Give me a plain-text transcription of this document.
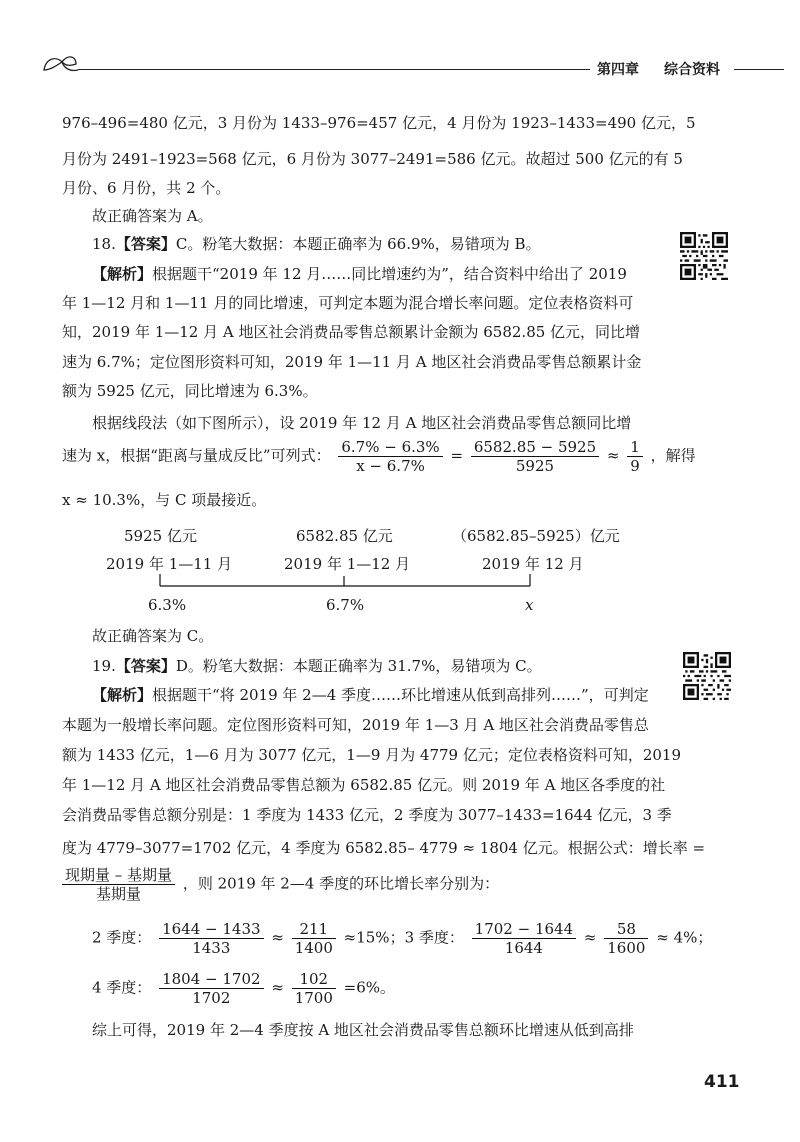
第四章 综合资料
976–496=480 亿元，3 月份为 1433–976=457 亿元，4 月份为 1923–1433=490 亿元，5
月份为 2491–1923=568 亿元，6 月份为 3077–2491=586 亿元。故超过 500 亿元的有 5
月份、6 月份，共 2 个。
故正确答案为 A。
18.【答案】C。粉笔大数据：本题正确率为 66.9%，易错项为 B。
【解析】根据题干“2019 年 12 月……同比增速约为”，结合资料中给出了 2019
年 1—12 月和 1—11 月的同比增速，可判定本题为混合增长率问题。定位表格资料可
知，2019 年 1—12 月 A 地区社会消费品零售总额累计金额为 6582.85 亿元，同比增
速为 6.7%；定位图形资料可知，2019 年 1—11 月 A 地区社会消费品零售总额累计金
额为 5925 亿元，同比增速为 6.3%。
根据线段法（如下图所示），设 2019 年 12 月 A 地区社会消费品零售总额同比增
速为 x，根据“距离与量成反比”可列式： $\frac{6.7\% - 6.3\%}{x - 6.7\%} = \frac{6582.85 - 5925}{5925} \approx \frac{1}{9}$ ，解得
x ≈ 10.3%，与 C 项最接近。
5925 亿元
2019 年 1—11 月
6582.85 亿元
2019 年 1—12 月
（6582.85–5925）亿元
2019 年 12 月
6.3%	6.7%	x
故正确答案为 C。
19.【答案】D。粉笔大数据：本题正确率为 31.7%，易错项为 C。
【解析】根据题干“将 2019 年 2—4 季度……环比增速从低到高排列……”，可判定
本题为一般增长率问题。定位图形资料可知，2019 年 1—3 月 A 地区社会消费品零售总
额为 1433 亿元，1—6 月为 3077 亿元，1—9 月为 4779 亿元；定位表格资料可知，2019
年 1—12 月 A 地区社会消费品零售总额为 6582.85 亿元。则 2019 年 A 地区各季度的社
会消费品零售总额分别是：1 季度为 1433 亿元，2 季度为 3077–1433=1644 亿元，3 季
度为 4779–3077=1702 亿元，4 季度为 6582.85– 4779 ≈ 1804 亿元。根据公式：增长率 =
$\frac{\text{现期量 – 基期量}}{\text{基期量}}$ ，则 2019 年 2—4 季度的环比增长率分别为：
2 季度： $\frac{1644 - 1433}{1433} \approx \frac{211}{1400} \approx 15\%$；3 季度： $\frac{1702 - 1644}{1644} \approx \frac{58}{1600} \approx 4\%$；
4 季度： $\frac{1804 - 1702}{1702} \approx \frac{102}{1700} =6\%$。
综上可得，2019 年 2—4 季度按 A 地区社会消费品零售总额环比增速从低到高排
411
